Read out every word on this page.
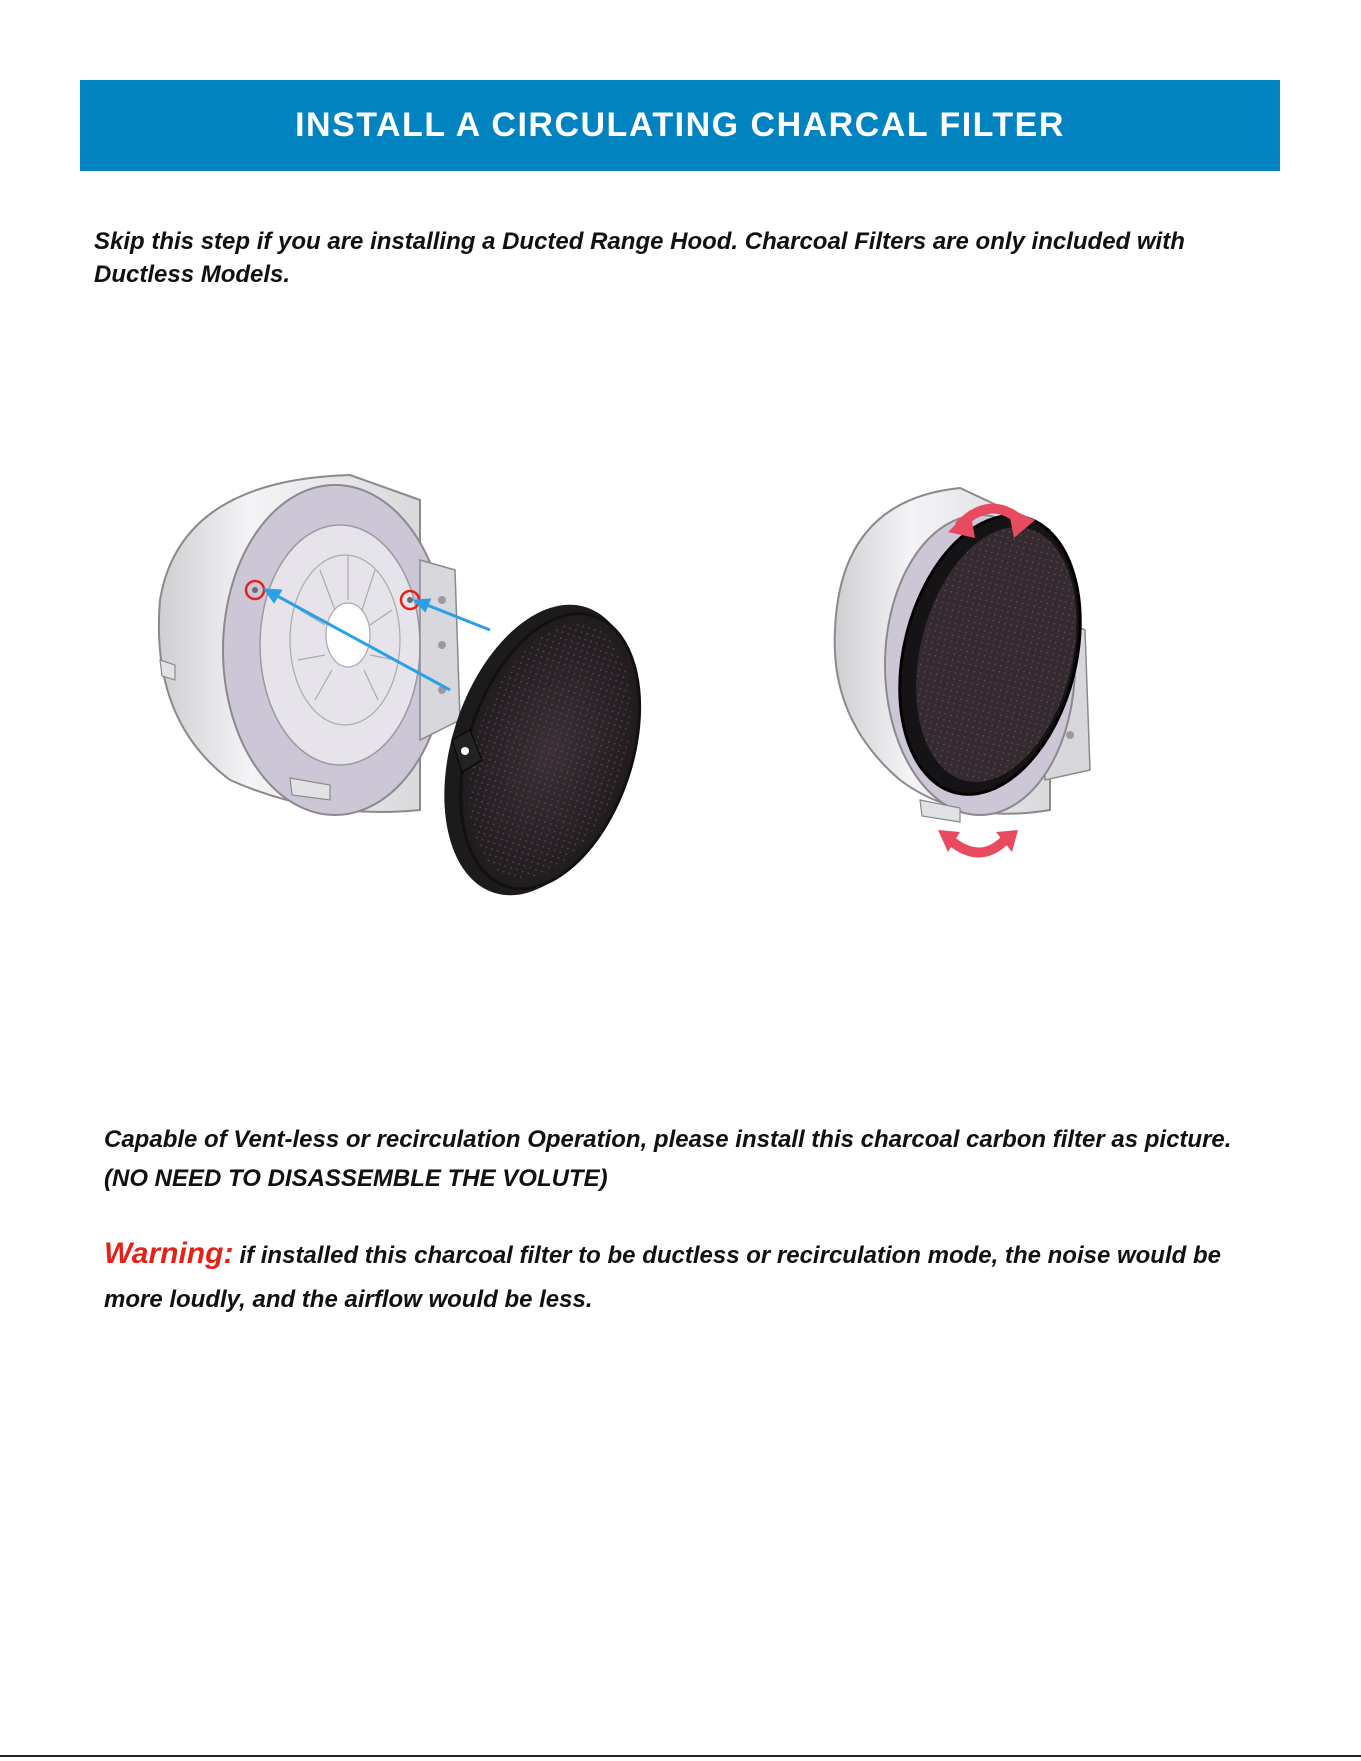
INSTALL A CIRCULATING CHARCAL FILTER

Skip this step if you are installing a Ducted Range Hood. Charcoal Filters are only included with Ductless Models.

Capable of Vent-less or recirculation Operation, please install this charcoal carbon filter as picture.(NO NEED TO DISASSEMBLE THE VOLUTE)

Warning: if installed this charcoal filter to be ductless or recirculation mode, the noise would be more loudly, and the airflow would be less.
